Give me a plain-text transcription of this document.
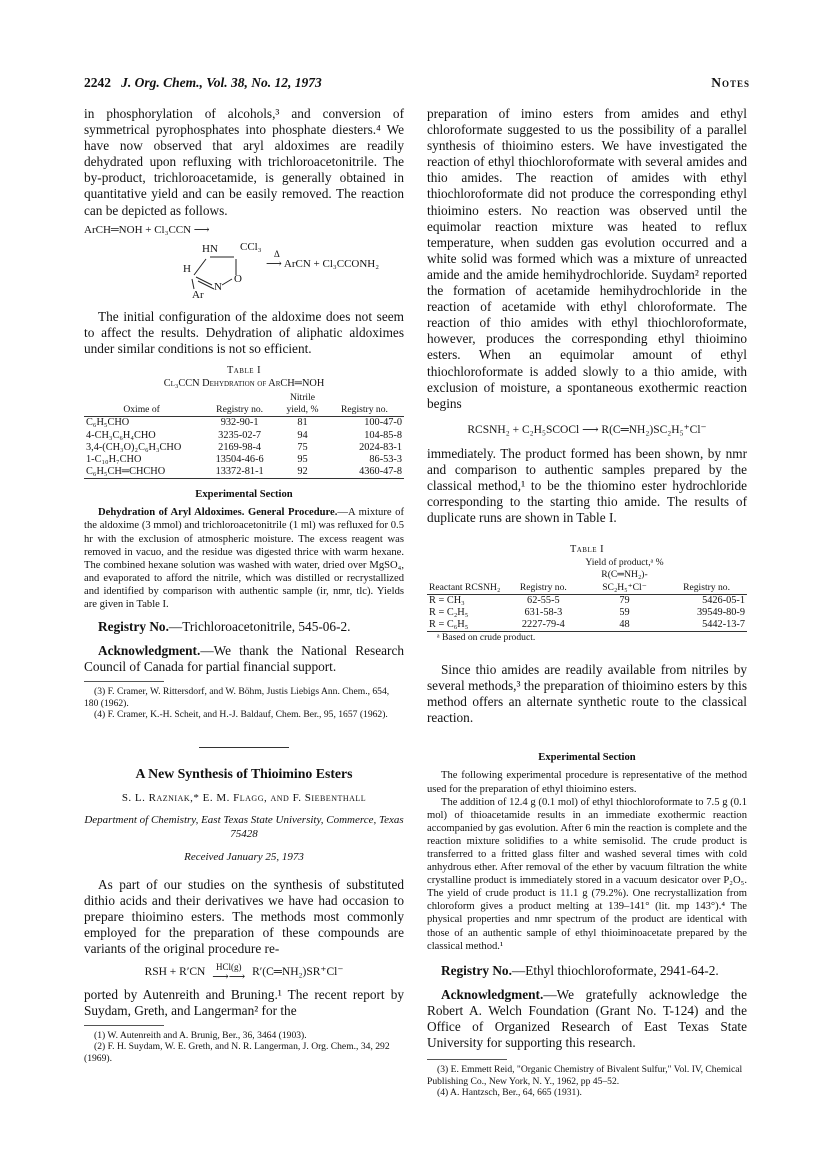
2242 J. Org. Chem., Vol. 38, No. 12, 1973	Notes

in phosphorylation of alcohols,³ and conversion of symmetrical pyrophosphates into phosphate diesters.⁴ We have now observed that aryl aldoximes are readily dehydrated upon refluxing with trichloroacetonitrile. The by-product, trichloroacetamide, is generally obtained in quantitative yield and can be easily removed. The reaction can be depicted as follows.

ArCH═NOH + Cl₃CCN ⟶
HN CCl₃
H
O
N
Ar
Δ
⟶ ArCN + Cl₃CCONH₂

The initial configuration of the aldoxime does not seem to affect the results. Dehydration of aliphatic aldoximes under similar conditions is not so efficient.

Table I
Cl₃CCN Dehydration of ArCH═NOH
Oxime of	Registry no.	Nitrile yield, %	Registry no.
C₆H₅CHO	932-90-1	81	100-47-0
4-CH₃C₆H₄CHO	3235-02-7	94	104-85-8
3,4-(CH₃O)₂C₆H₃CHO	2169-98-4	75	2024-83-1
1-C₁₀H₇CHO	13504-46-6	95	86-53-3
C₆H₅CH═CHCHO	13372-81-1	92	4360-47-8
Experimental Section

Dehydration of Aryl Aldoximes. General Procedure.—A mixture of the aldoxime (3 mmol) and trichloroacetonitrile (1 ml) was refluxed for 0.5 hr with the exclusion of atmospheric moisture. The excess reagent was removed in vacuo, and the residue was digested thrice with warm hexane. The combined hexane solution was washed with water, dried over MgSO₄, and evaporated to afford the nitrile, which was distilled or recrystallized and identified by comparison with authentic sample (ir, nmr, tlc). Yields are given in Table I.

Registry No.—Trichloroacetonitrile, 545-06-2.

Acknowledgment.—We thank the National Research Council of Canada for partial financial support.

(3) F. Cramer, W. Rittersdorf, and W. Böhm, Justis Liebigs Ann. Chem., 654, 180 (1962).

(4) F. Cramer, K.-H. Scheit, and H.-J. Baldauf, Chem. Ber., 95, 1657 (1962).

A New Synthesis of Thioimino Esters
S. L. Razniak,* E. M. Flagg, and F. Siebenthall
Department of Chemistry, East Texas State University, Commerce, Texas 75428
Received January 25, 1973

As part of our studies on the synthesis of substituted dithio acids and their derivatives we have had occasion to prepare thioimino esters. The methods most commonly employed for the preparation of these compounds are variants of the original procedure re-

RSH + R′CN	HCl(g)
⟶⟶ R′(C═NH₂)SR⁺Cl⁻

ported by Autenreith and Bruning.¹ The recent report by Suydam, Greth, and Langerman² for the

(1) W. Autenreith and A. Brunig, Ber., 36, 3464 (1903).

(2) F. H. Suydam, W. E. Greth, and N. R. Langerman, J. Org. Chem., 34, 292 (1969).

preparation of imino esters from amides and ethyl chloroformate suggested to us the possibility of a parallel synthesis of thioimino esters. We have investigated the reaction of ethyl thiochloroformate with several amides and thio amides. The reaction of amides with ethyl thiochloroformate did not produce the corresponding ethyl thioimino esters. No reaction was observed until the equimolar reaction mixture was heated to reflux temperature, when sudden gas evolution occurred and a white solid was formed which was a mixture of unreacted amide and the amide hemihydrochloride. Suydam² reported the formation of acetamide hemihydrochloride in the reaction of acetamide with ethyl chloroformate. The reaction of thio amides with ethyl thiochloroformate, however, produces the corresponding ethyl thioimino esters. When an equimolar amount of ethyl thiochloroformate is added slowly to a thio amide, with exclusion of moisture, a spontaneous exothermic reaction begins

RCSNH₂ + C₂H₅SCOCl ⟶ R(C═NH₂)SC₂H₅⁺Cl⁻

immediately. The product formed has been shown, by nmr and comparison to authentic samples prepared by the classical method,¹ to be the thiomino ester hydrochloride corresponding to the starting thio amide. The results of duplicate runs are shown in Table I.

Table I
Reactant RCSNH₂	Registry no.	Yield of product,ᵃ % R(C═NH₂)-SC₂H₅⁺Cl⁻	Registry no.
R = CH₃	62-55-5	79	5426-05-1
R = C₂H₅	631-58-3	59	39549-80-9
R = C₆H₅	2227-79-4	48	5442-13-7

ᵃ Based on crude product.

Since thio amides are readily available from nitriles by several methods,³ the preparation of thioimino esters by this method offers an alternate synthetic route to the classical reaction.

Experimental Section

The following experimental procedure is representative of the method used for the preparation of ethyl thioimino esters.

The addition of 12.4 g (0.1 mol) of ethyl thiochloroformate to 7.5 g (0.1 mol) of thioacetamide results in an immediate exothermic reaction accompanied by gas evolution. After 6 min the reaction is complete and the reaction mixture solidifies to a white semisolid. The crude product is transferred to a fritted glass filter and washed several times with cold anhydrous ether. After removal of the ether by vacuum filtration the white crystalline product is immediately stored in a vacuum desicator over P₂O₅. The yield of crude product is 11.1 g (79.2%). One recrystallization from chloroform gives a product melting at 139–141° (lit. mp 143°).⁴ The physical properties and nmr spectrum of the product are identical with those of an authentic sample of ethyl thioiminoacetate prepared by the classical method.¹

Registry No.—Ethyl thiochloroformate, 2941-64-2.

Acknowledgment.—We gratefully acknowledge the Robert A. Welch Foundation (Grant No. T-124) and the Office of Organized Research of East Texas State University for supporting this research.

(3) E. Emmett Reid, "Organic Chemistry of Bivalent Sulfur," Vol. IV, Chemical Publishing Co., New York, N. Y., 1962, pp 45–52.

(4) A. Hantzsch, Ber., 64, 665 (1931).
